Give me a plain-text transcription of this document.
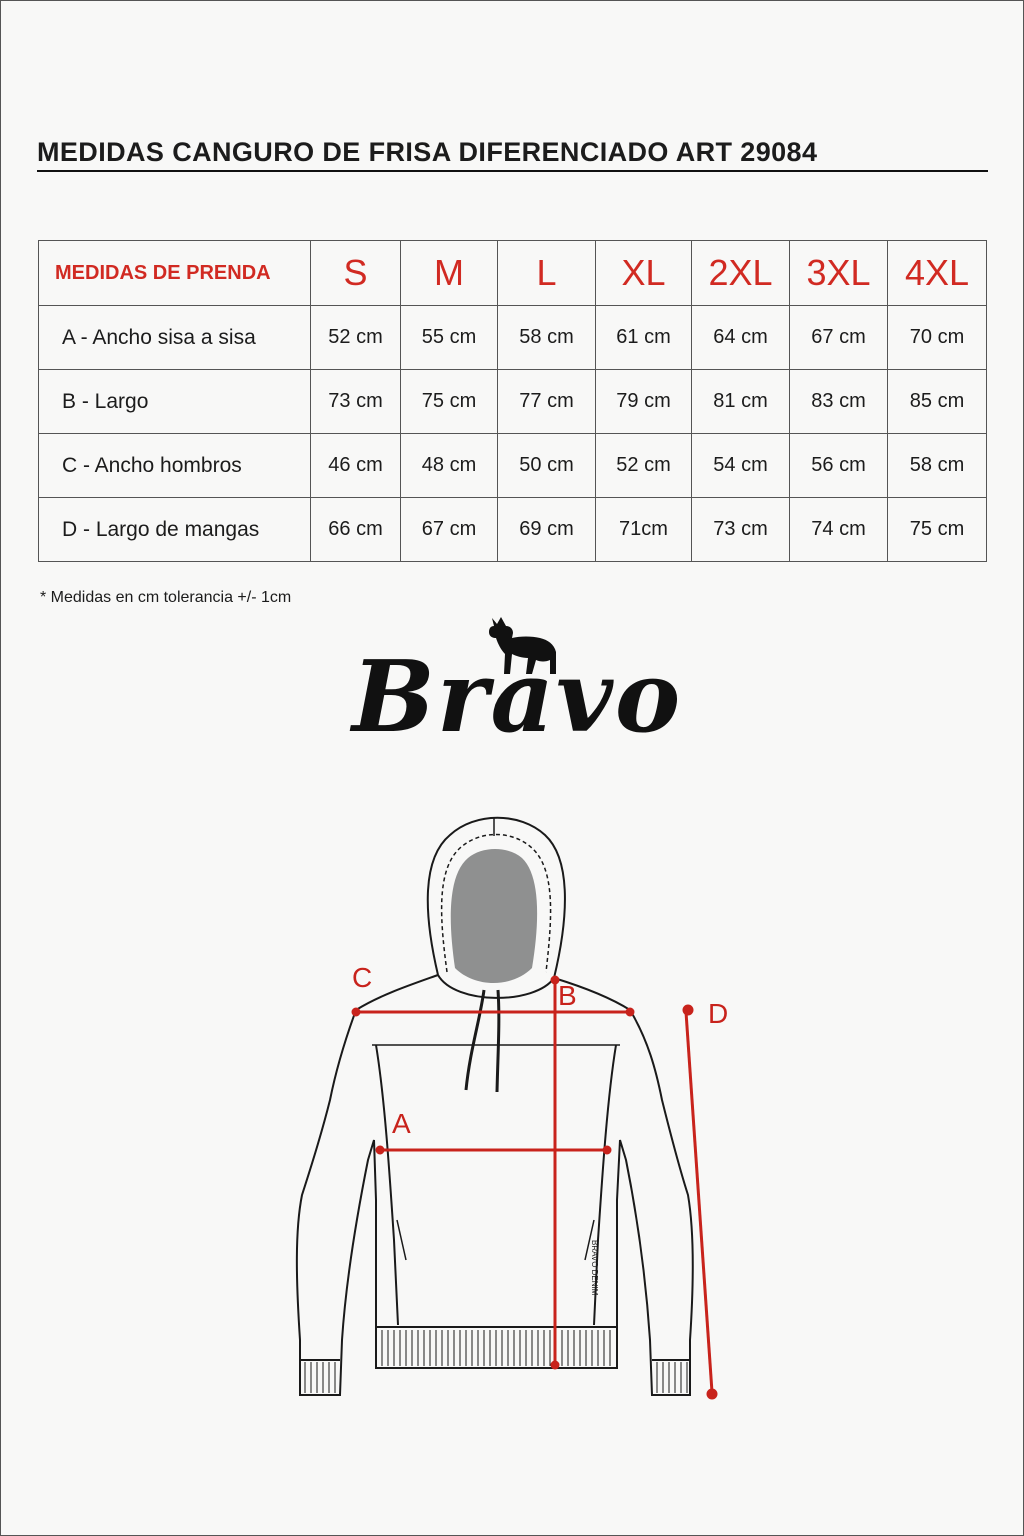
MEDIDAS CANGURO DE FRISA DIFERENCIADO ART 29084
MEDIDAS DE PRENDA	S	M	L	XL	2XL	3XL	4XL
A - Ancho sisa a sisa	52 cm	55 cm	58 cm	61 cm	64 cm	67 cm	70 cm
B - Largo	73 cm	75 cm	77 cm	79 cm	81 cm	83 cm	85 cm
C - Ancho hombros	46 cm	48 cm	50 cm	52 cm	54 cm	56 cm	58 cm
D - Largo de mangas	66 cm	67 cm	69 cm	71cm	73 cm	74 cm	75 cm
* Medidas en cm tolerancia +/- 1cm
Bravo
BRAVO DENIM
C
A
B
D
